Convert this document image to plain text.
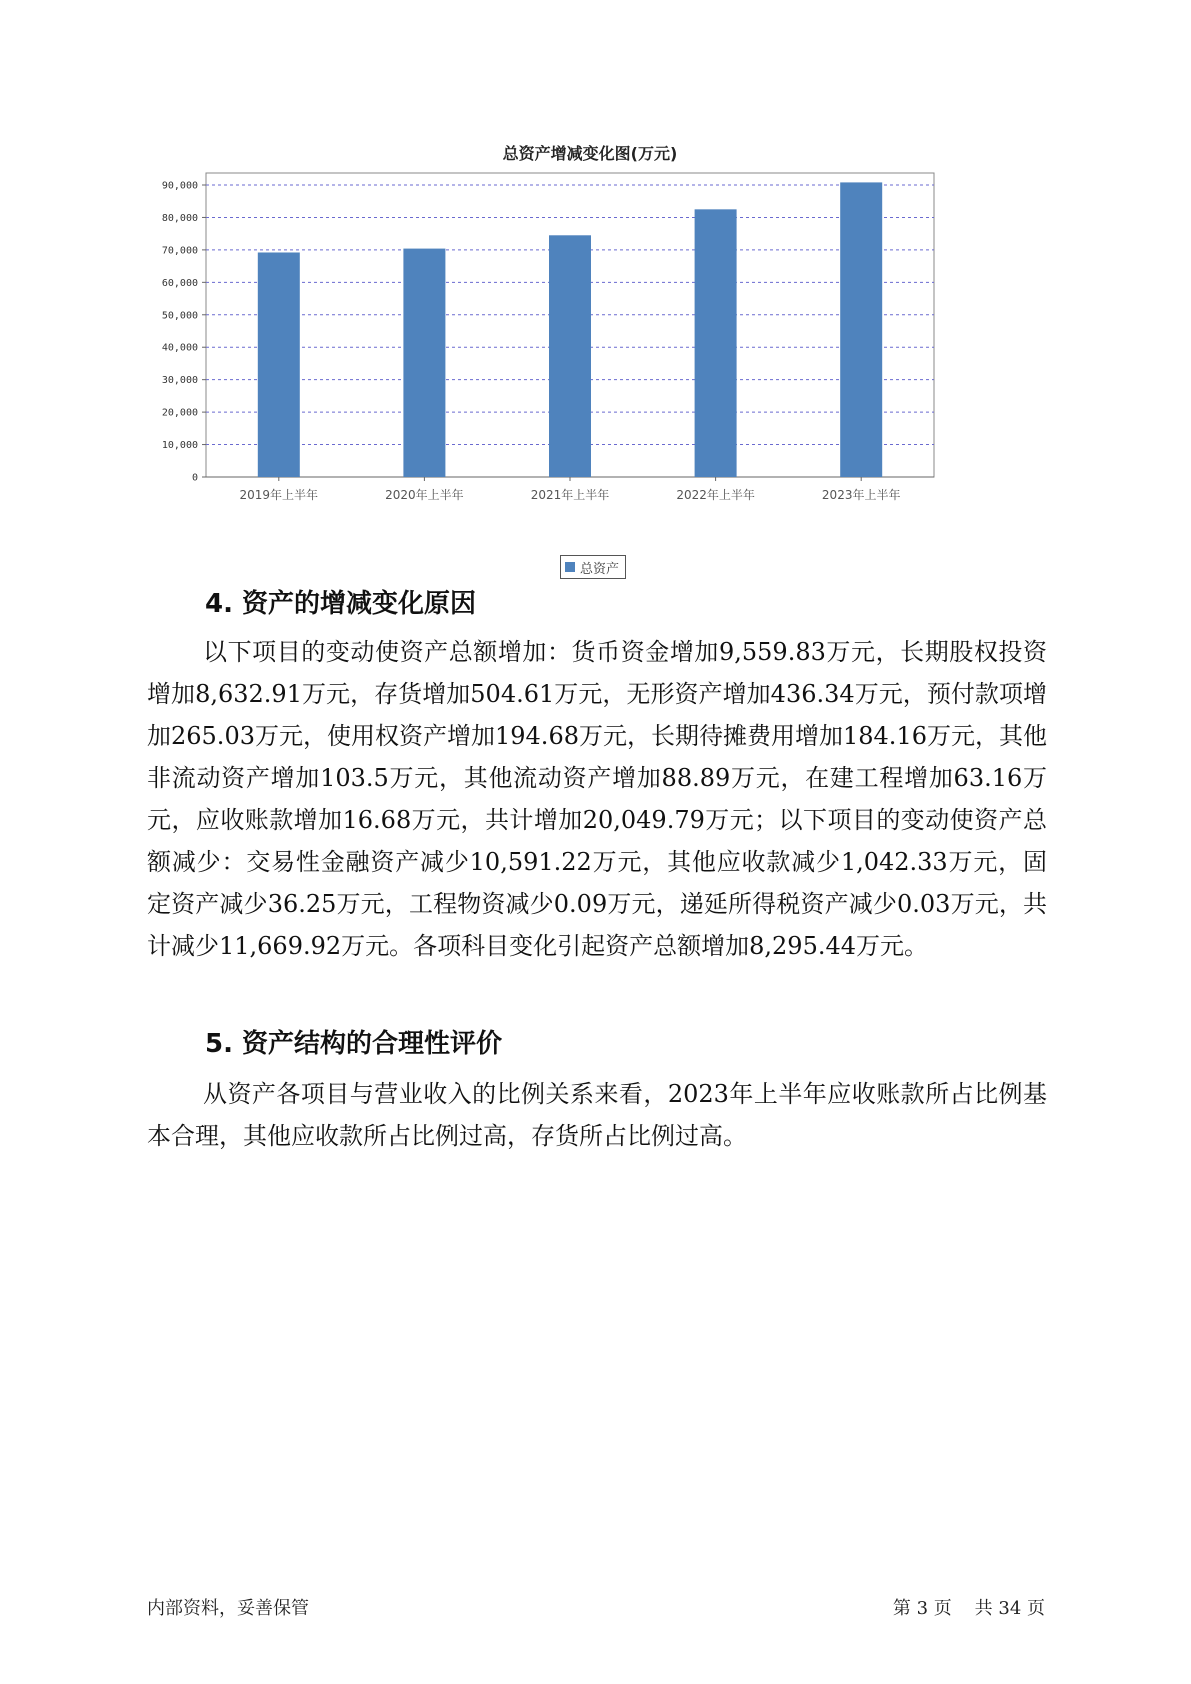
总资产增减变化图(万元)
0
10,000
20,000
30,000
40,000
50,000
60,000
70,000
80,000
90,000
2019年上半年	2020年上半年	2021年上半年	2022年上半年	2023年上半年
总资产
4. 资产的增减变化原因

以下项目的变动使资产总额增加：货币资金增加9,559.83万元，长期股权投资增加8,632.91万元，存货增加504.61万元，无形资产增加436.34万元，预付款项增加265.03万元，使用权资产增加194.68万元，长期待摊费用增加184.16万元，其他非流动资产增加103.5万元，其他流动资产增加88.89万元，在建工程增加63.16万元，应收账款增加16.68万元，共计增加20,049.79万元；以下项目的变动使资产总额减少：交易性金融资产减少10,591.22万元，其他应收款减少1,042.33万元，固定资产减少36.25万元，工程物资减少0.09万元，递延所得税资产减少0.03万元，共计减少11,669.92万元。各项科目变化引起资产总额增加8,295.44万元。

5. 资产结构的合理性评价

从资产各项目与营业收入的比例关系来看，2023年上半年应收账款所占比例基本合理，其他应收款所占比例过高，存货所占比例过高。

内部资料，妥善保管	第 3 页    共 34 页
